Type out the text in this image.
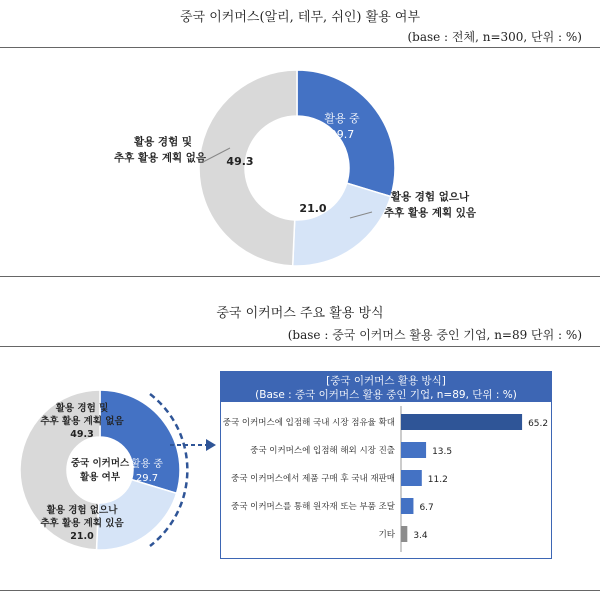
중국 이커머스(알리, 테무, 쉬인) 활용 여부
(base : 전체, n=300, 단위 : %)
활용 중
29.7
21.0
49.3
활용 경험 및
추후 활용 계획 없음
활용 경험 없으나
추후 활용 계획 있음
중국 이커머스 주요 활용 방식
(base : 중국 이커머스 활용 중인 기업, n=89 단위 : %)
중국 이커머스
활용 여부
활용 중
29.7
활용 경험 및
추후 활용 계획 없음
49.3
활용 경험 없으나
추후 활용 계획 있음
21.0
[중국 이커머스 활용 방식]
(Base : 중국 이커머스 활용 중인 기업, n=89, 단위 : %)
중국 이커머스에 입점해 국내 시장 점유율 확대	65.2
중국 이커머스에 입점해 해외 시장 진출	13.5
중국 이커머스에서 제품 구매 후 국내 재판매	11.2
중국 이커머스를 통해 원자재 또는 부품 조달	6.7
기타 3.4
